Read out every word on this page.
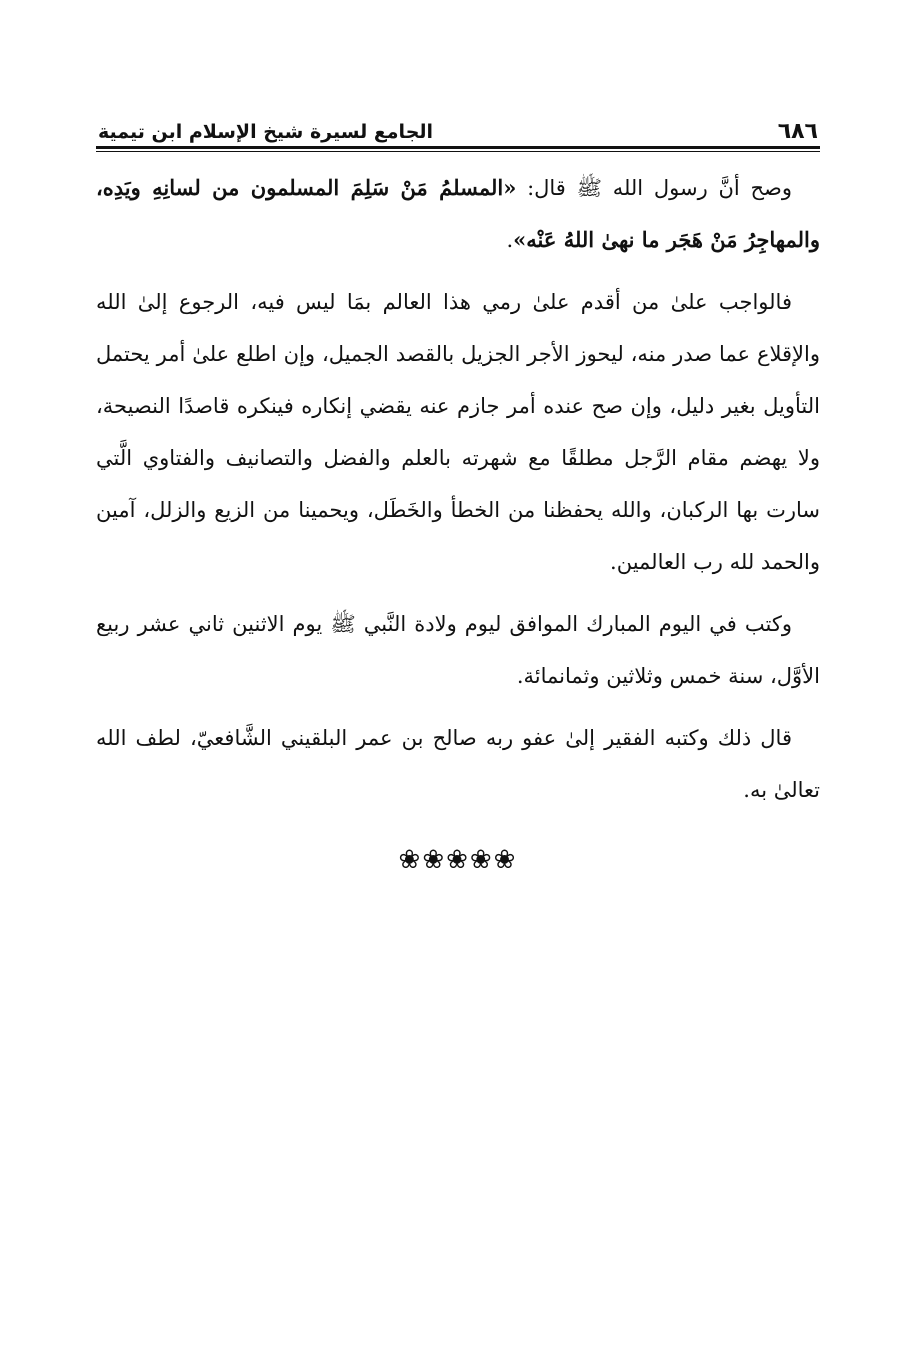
٦٨٦
الجامع لسيرة شيخ الإسلام ابن تيمية

وصح أنَّ رسول الله ﷺ قال: «المسلمُ مَنْ سَلِمَ المسلمون من لسانِهِ ويَدِه، والمهاجِرُ مَنْ هَجَر ما نهىٰ اللهُ عَنْه».

فالواجب علىٰ من أقدم علىٰ رمي هذا العالم بمَا ليس فيه، الرجوع إلىٰ الله والإقلاع عما صدر منه، ليحوز الأجر الجزيل بالقصد الجميل، وإن اطلع علىٰ أمر يحتمل التأويل بغير دليل، وإن صح عنده أمر جازم عنه يقضي إنكاره فينكره قاصدًا النصيحة، ولا يهضم مقام الرَّجل مطلقًا مع شهرته بالعلم والفضل والتصانيف والفتاوي الَّتي سارت بها الركبان، والله يحفظنا من الخطأ والخَطَل، ويحمينا من الزيع والزلل، آمين والحمد لله رب العالمين.

وكتب في اليوم المبارك الموافق ليوم ولادة النَّبي ﷺ يوم الاثنين ثاني عشر ربيع الأوَّل، سنة خمس وثلاثين وثمانمائة.

قال ذلك وكتبه الفقير إلىٰ عفو ربه صالح بن عمر البلقيني الشَّافعيّ، لطف الله تعالىٰ به.

❀❀❀❀❀
